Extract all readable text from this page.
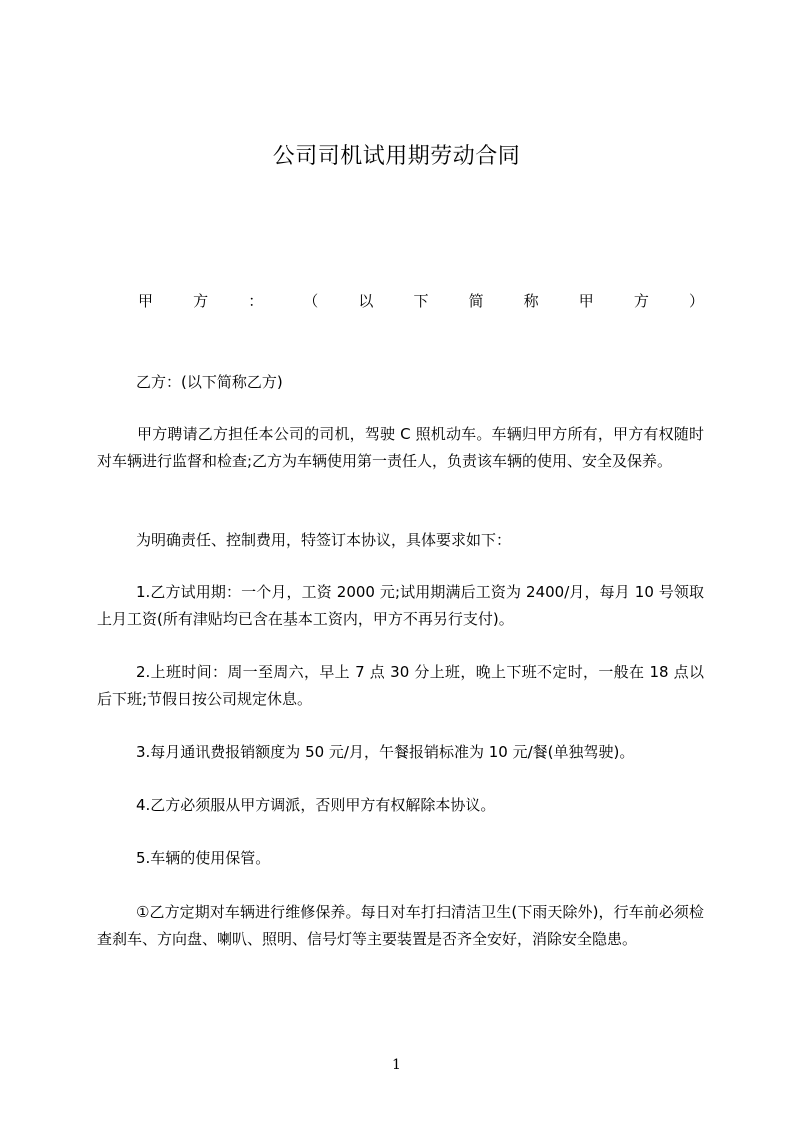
公司司机试用期劳动合同
甲	方	：	（	以	下	简	称	甲	方	）
乙方：(以下简称乙方)
甲方聘请乙方担任本公司的司机，驾驶 C 照机动车。车辆归甲方所有，甲方有权随时对车辆进行监督和检查;乙方为车辆使用第一责任人，负责该车辆的使用、安全及保养。
为明确责任、控制费用，特签订本协议，具体要求如下：
1.乙方试用期：一个月，工资 2000 元;试用期满后工资为 2400/月，每月 10 号领取上月工资(所有津贴均已含在基本工资内，甲方不再另行支付)。
2.上班时间：周一至周六，早上 7 点 30 分上班，晚上下班不定时，一般在 18 点以后下班;节假日按公司规定休息。
3.每月通讯费报销额度为 50 元/月，午餐报销标准为 10 元/餐(单独驾驶)。
4.乙方必须服从甲方调派，否则甲方有权解除本协议。
5.车辆的使用保管。
①乙方定期对车辆进行维修保养。每日对车打扫清洁卫生(下雨天除外)，行车前必须检查刹车、方向盘、喇叭、照明、信号灯等主要装置是否齐全安好，消除安全隐患。
1
